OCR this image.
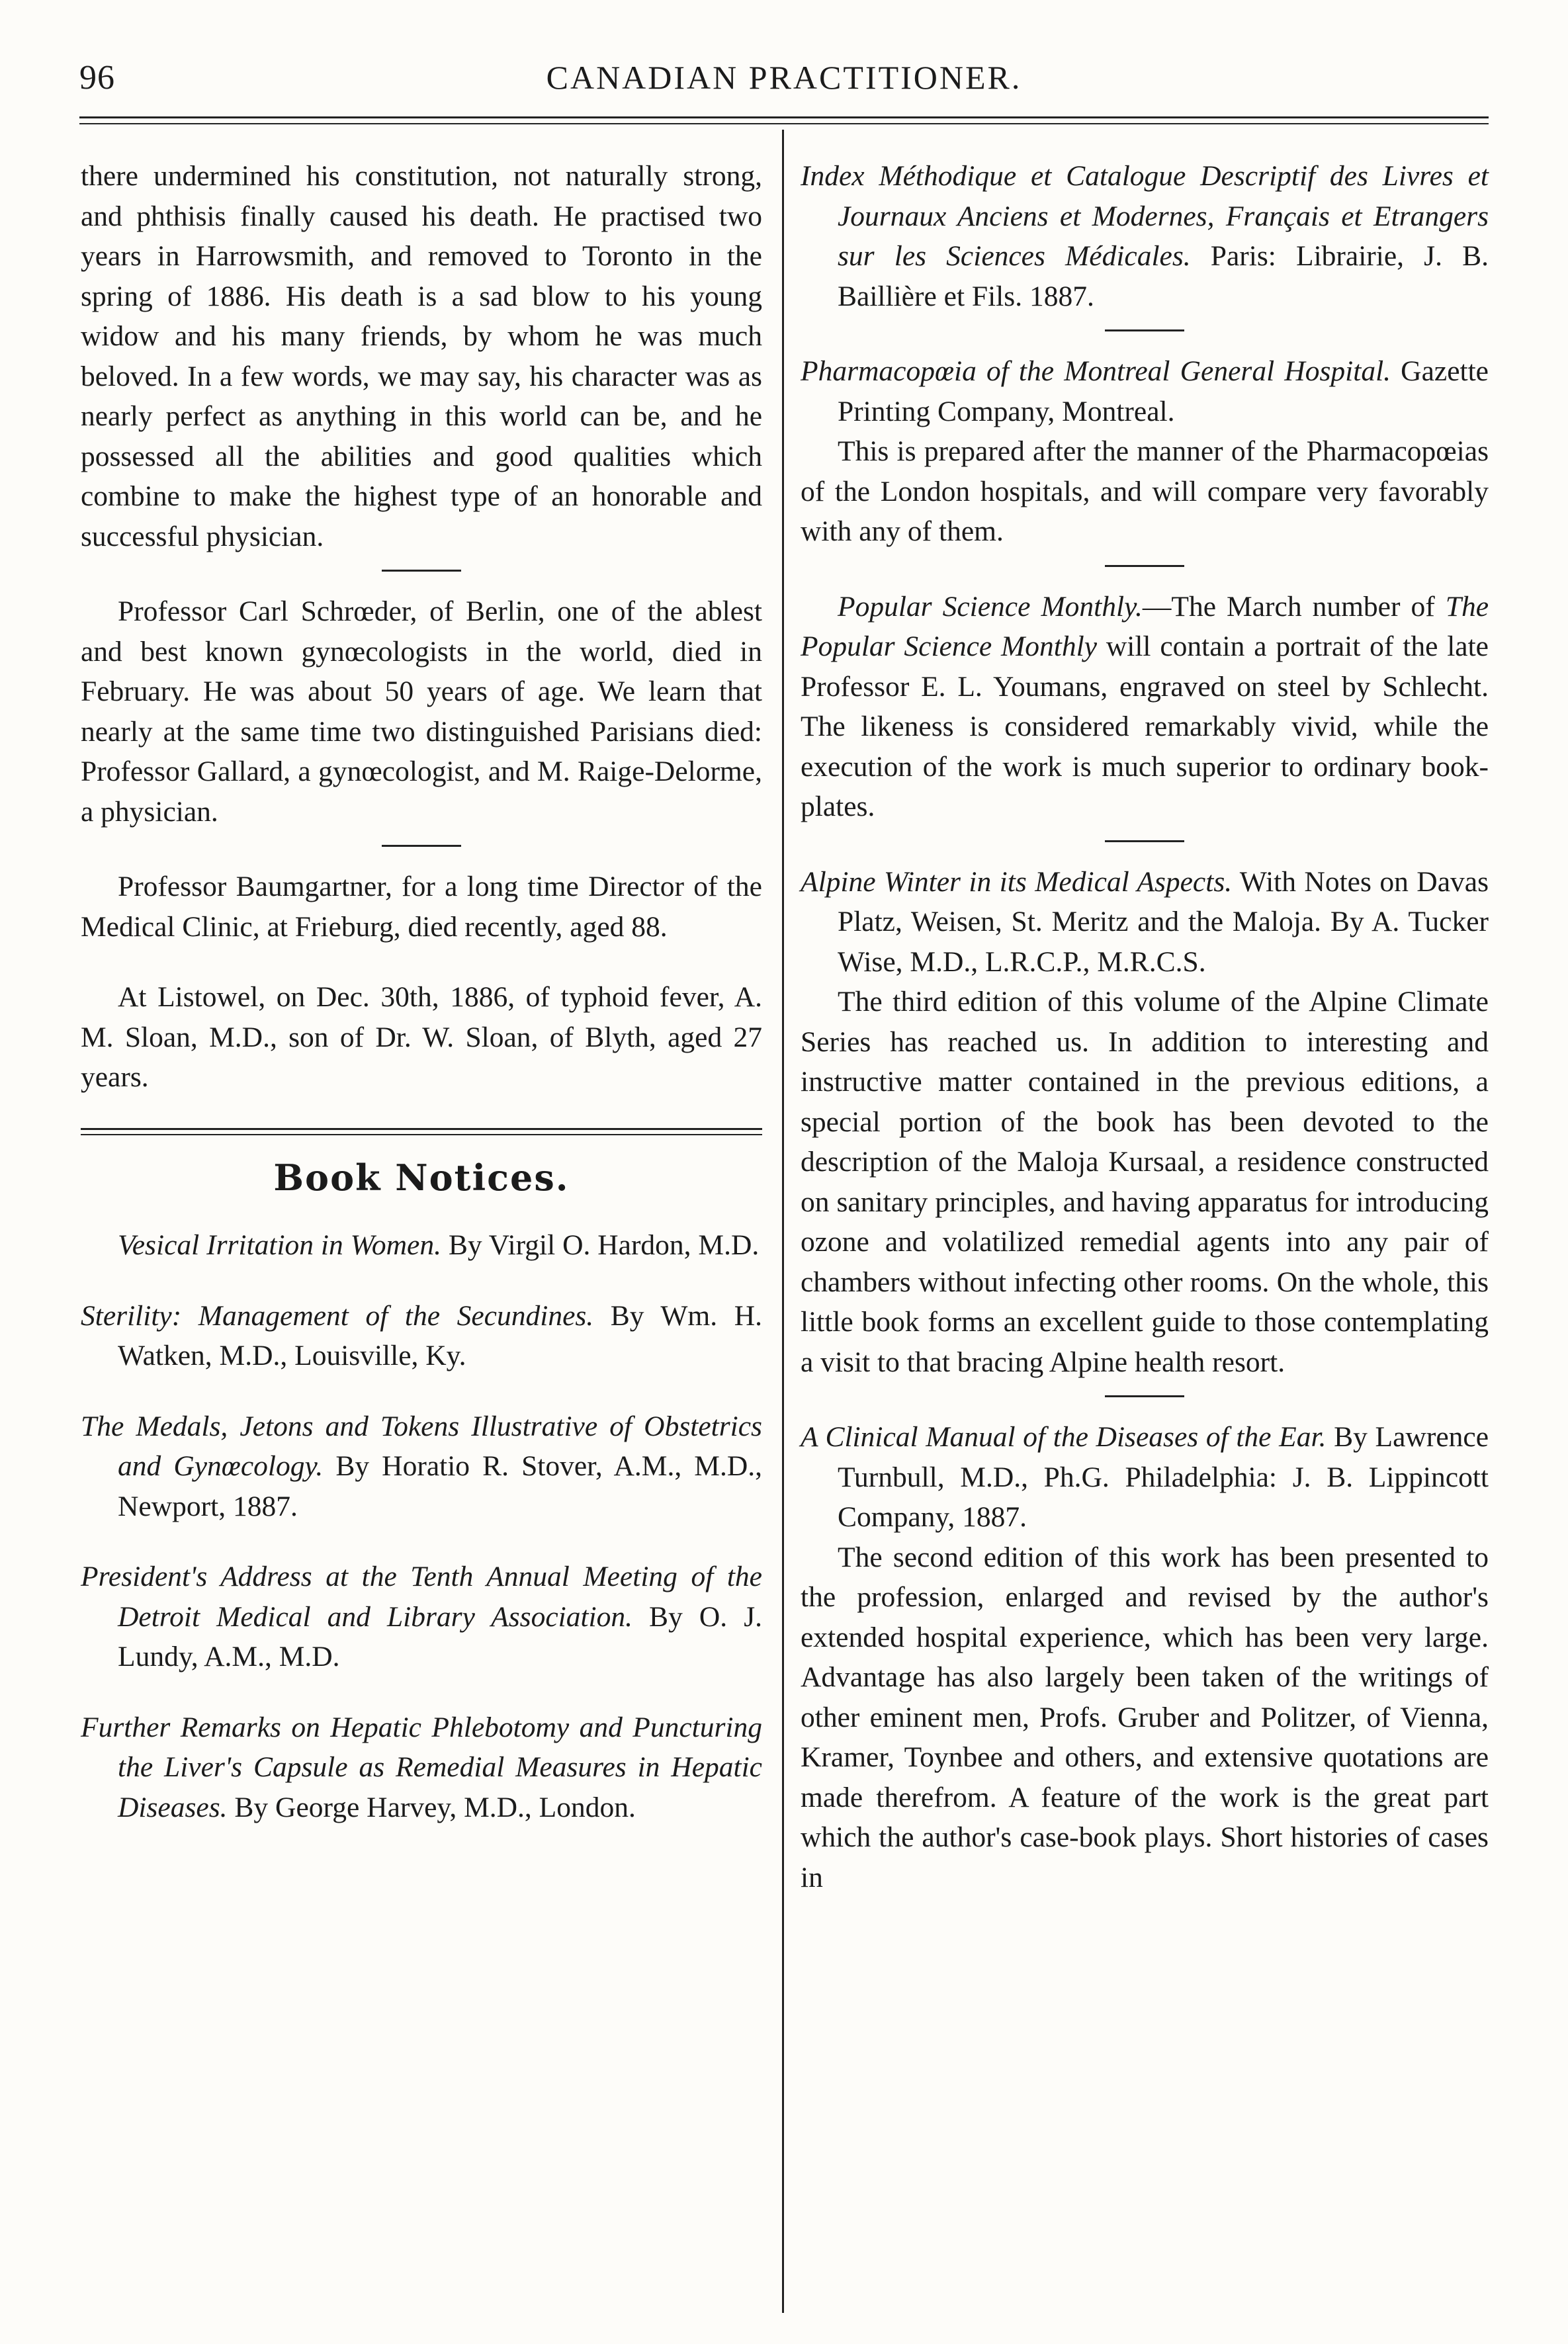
96	CANADIAN PRACTITIONER.

there undermined his constitution, not naturally strong, and phthisis finally caused his death. He practised two years in Harrowsmith, and removed to Toronto in the spring of 1886. His death is a sad blow to his young widow and his many friends, by whom he was much beloved. In a few words, we may say, his character was as nearly perfect as anything in this world can be, and he possessed all the abilities and good qualities which combine to make the highest type of an honorable and successful physician.

Professor Carl Schrœder, of Berlin, one of the ablest and best known gynœcologists in the world, died in February. He was about 50 years of age. We learn that nearly at the same time two distinguished Parisians died: Professor Gallard, a gynœcologist, and M. Raige-Delorme, a physician.

Professor Baumgartner, for a long time Director of the Medical Clinic, at Frieburg, died recently, aged 88.

At Listowel, on Dec. 30th, 1886, of typhoid fever, A. M. Sloan, M.D., son of Dr. W. Sloan, of Blyth, aged 27 years.

Book Notices.

Vesical Irritation in Women. By Virgil O. Hardon, M.D.

Sterility: Management of the Secundines. By Wm. H. Watken, M.D., Louisville, Ky.

The Medals, Jetons and Tokens Illustrative of Obstetrics and Gynœcology. By Horatio R. Stover, A.M., M.D., Newport, 1887.

President's Address at the Tenth Annual Meeting of the Detroit Medical and Library Association. By O. J. Lundy, A.M., M.D.

Further Remarks on Hepatic Phlebotomy and Puncturing the Liver's Capsule as Remedial Measures in Hepatic Diseases. By George Harvey, M.D., London.

Index Méthodique et Catalogue Descriptif des Livres et Journaux Anciens et Modernes, Français et Etrangers sur les Sciences Médicales. Paris: Librairie, J. B. Baillière et Fils. 1887.

Pharmacopœia of the Montreal General Hospital. Gazette Printing Company, Montreal.

This is prepared after the manner of the Pharmacopœias of the London hospitals, and will compare very favorably with any of them.

Popular Science Monthly.—The March number of The Popular Science Monthly will contain a portrait of the late Professor E. L. Youmans, engraved on steel by Schlecht. The likeness is considered remarkably vivid, while the execution of the work is much superior to ordinary book-plates.

Alpine Winter in its Medical Aspects. With Notes on Davas Platz, Weisen, St. Meritz and the Maloja. By A. Tucker Wise, M.D., L.R.C.P., M.R.C.S.

The third edition of this volume of the Alpine Climate Series has reached us. In addition to interesting and instructive matter contained in the previous editions, a special portion of the book has been devoted to the description of the Maloja Kursaal, a residence constructed on sanitary principles, and having apparatus for introducing ozone and volatilized remedial agents into any pair of chambers without infecting other rooms. On the whole, this little book forms an excellent guide to those contemplating a visit to that bracing Alpine health resort.

A Clinical Manual of the Diseases of the Ear. By Lawrence Turnbull, M.D., Ph.G. Philadelphia: J. B. Lippincott Company, 1887.

The second edition of this work has been presented to the profession, enlarged and revised by the author's extended hospital experience, which has been very large. Advantage has also largely been taken of the writings of other eminent men, Profs. Gruber and Politzer, of Vienna, Kramer, Toynbee and others, and extensive quotations are made therefrom. A feature of the work is the great part which the author's case-book plays. Short histories of cases in
